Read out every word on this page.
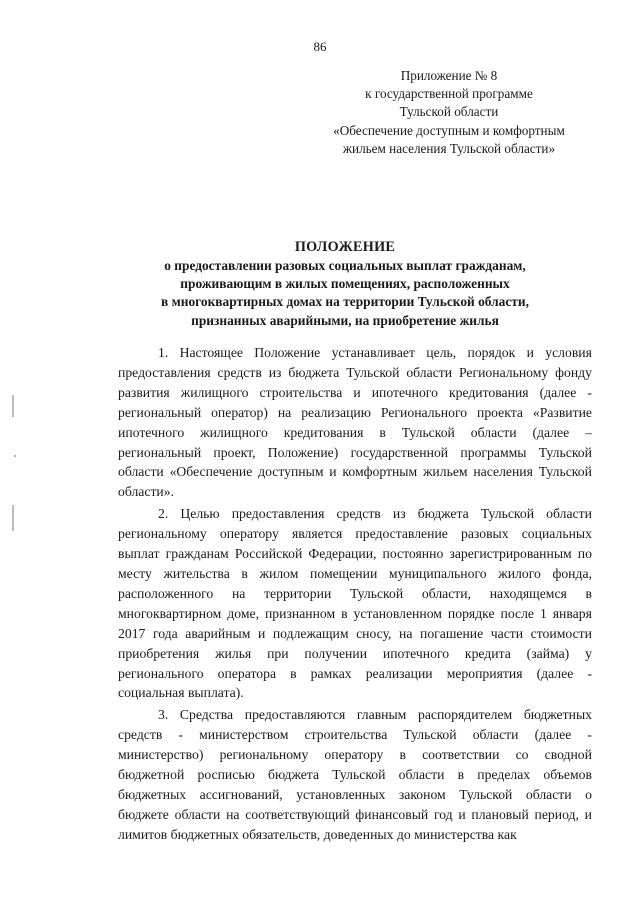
86
Приложение № 8
к государственной программе
Тульской области
«Обеспечение доступным и комфортным
жильем населения Тульской области»
ПОЛОЖЕНИЕ
о предоставлении разовых социальных выплат гражданам,
проживающим в жилых помещениях, расположенных
в многоквартирных домах на территории Тульской области,
признанных аварийными, на приобретение жилья
1. Настоящее Положение устанавливает цель, порядок и условия
предоставления средств из бюджета Тульской области Региональному фонду
развития жилищного строительства и ипотечного кредитования (далее -
региональный оператор) на реализацию Регионального проекта «Развитие
ипотечного жилищного кредитования в Тульской области (далее –
региональный проект, Положение) государственной программы Тульской
области «Обеспечение доступным и комфортным жильем населения Тульской
области».
2. Целью предоставления средств из бюджета Тульской области
региональному оператору является предоставление разовых социальных
выплат гражданам Российской Федерации, постоянно зарегистрированным по
месту жительства в жилом помещении муниципального жилого фонда,
расположенного на территории Тульской области, находящемся в
многоквартирном доме, признанном в установленном порядке после 1 января
2017 года аварийным и подлежащим сносу, на погашение части стоимости
приобретения жилья при получении ипотечного кредита (займа) у
регионального оператора в рамках реализации мероприятия (далее -
социальная выплата).
3. Средства предоставляются главным распорядителем бюджетных
средств - министерством строительства Тульской области (далее -
министерство) региональному оператору в соответствии со сводной
бюджетной росписью бюджета Тульской области в пределах объемов
бюджетных ассигнований, установленных законом Тульской области о
бюджете области на соответствующий финансовый год и плановый период, и
лимитов бюджетных обязательств, доведенных до министерства как
